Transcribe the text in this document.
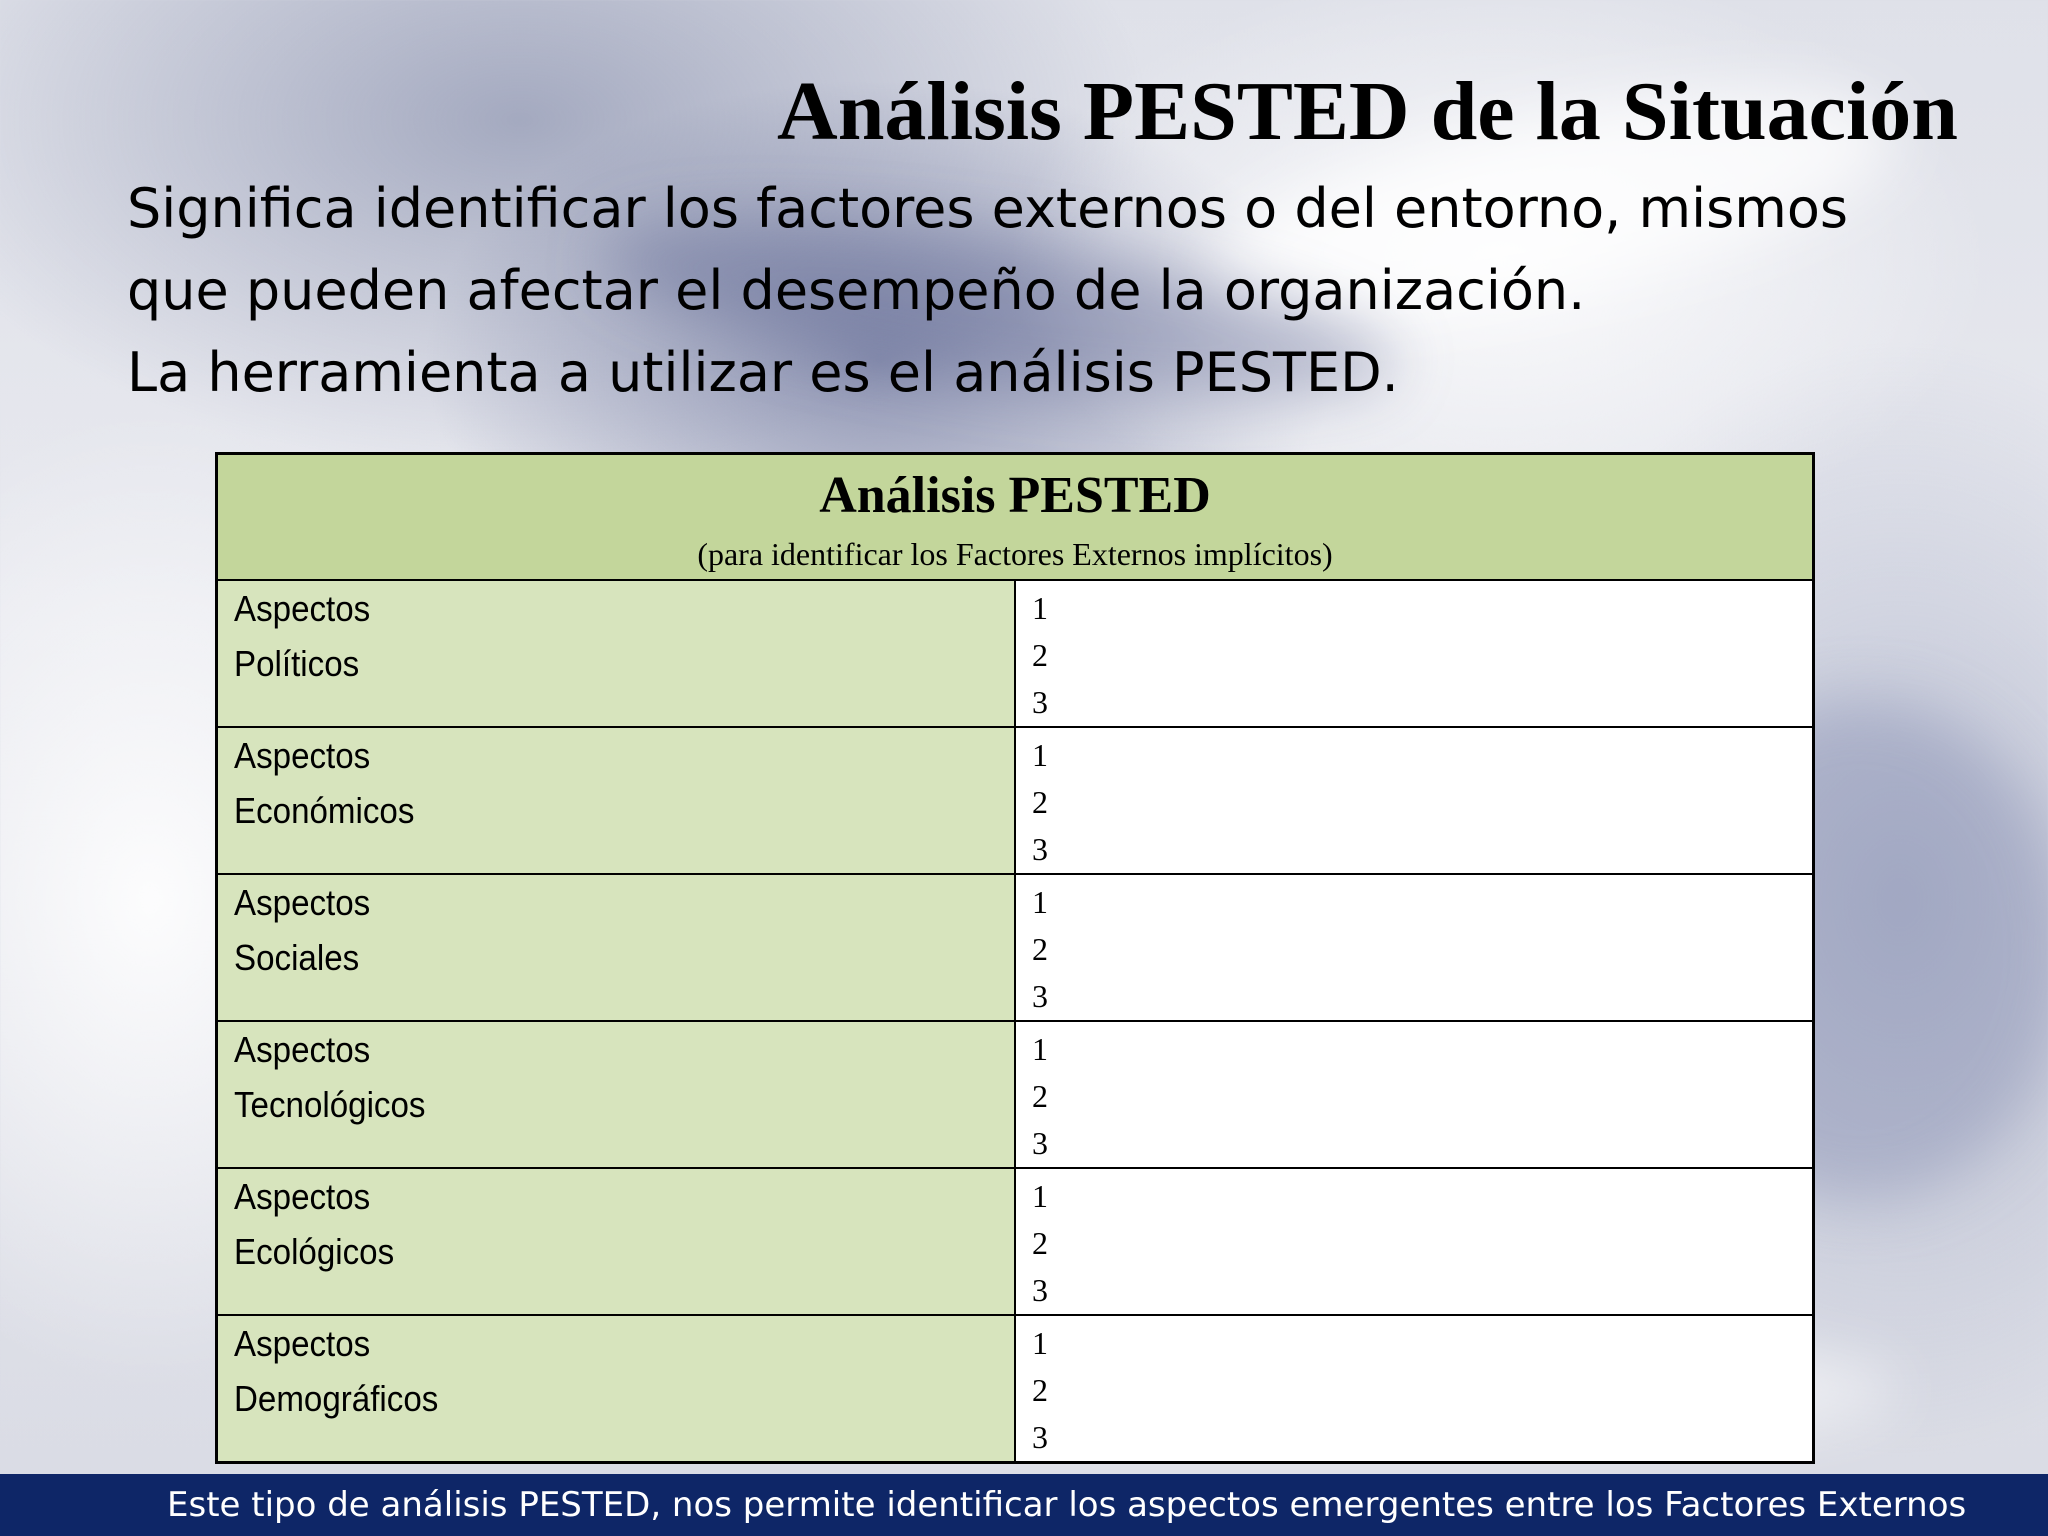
Análisis PESTED de la Situación

Significa identificar los factores externos o del entorno, mismos

que pueden afectar el desempeño de la organización.

La herramienta a utilizar es el análisis PESTED.

Análisis PESTED
(para identificar los Factores Externos implícitos)	

Aspectos
Políticos	1
2
3

Aspectos
Económicos	1
2
3

Aspectos
Sociales	1
2
3

Aspectos
Tecnológicos	1
2
3

Aspectos
Ecológicos	1
2
3

Aspectos
Demográficos	1
2
3

Este tipo de análisis PESTED, nos permite identificar los aspectos emergentes entre los Factores Externos
